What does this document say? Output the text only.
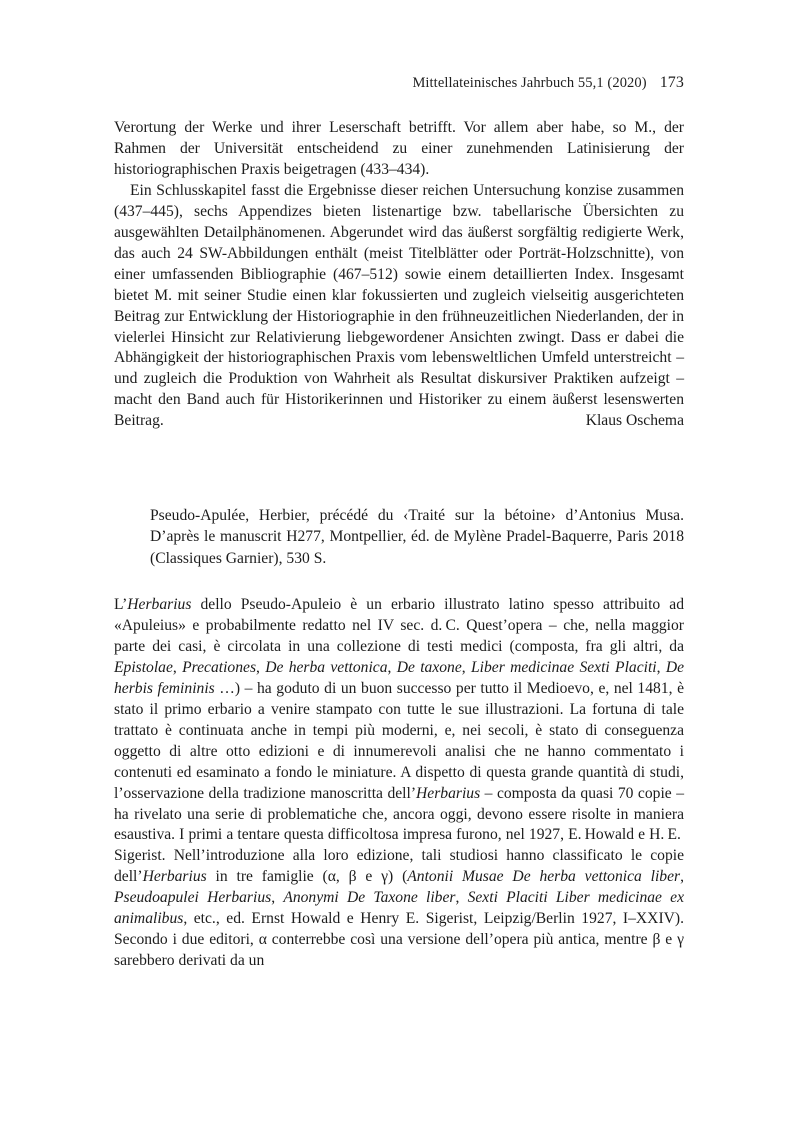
Mittellateinisches Jahrbuch 55,1 (2020) 173

Verortung der Werke und ihrer Leserschaft betrifft. Vor allem aber habe, so M., der Rahmen der Universität entscheidend zu einer zunehmenden Latinisierung der historiographischen Praxis beigetragen (433–434).

Ein Schlusskapitel fasst die Ergebnisse dieser reichen Untersuchung konzise zusammen (437–445), sechs Appendizes bieten listenartige bzw. tabellarische Übersichten zu ausgewählten Detailphänomenen. Abgerundet wird das äußerst sorgfältig redigierte Werk, das auch 24 SW-Abbildungen enthält (meist Titelblätter oder Porträt-Holzschnitte), von einer umfassenden Bibliographie (467–512) sowie einem detaillierten Index. Insgesamt bietet M. mit seiner Studie einen klar fokussierten und zugleich vielseitig ausgerichteten Beitrag zur Entwicklung der Historiographie in den frühneuzeitlichen Niederlanden, der in vielerlei Hinsicht zur Relativierung liebgewordener Ansichten zwingt. Dass er dabei die Abhängigkeit der historiographischen Praxis vom lebensweltlichen Umfeld unterstreicht – und zugleich die Produktion von Wahrheit als Resultat diskursiver Praktiken aufzeigt – macht den Band auch für Historikerinnen und Historiker zu einem äußerst lesenswerten Beitrag.	Klaus Oschema

Pseudo-Apulée, Herbier, précédé du ‹Traité sur la bétoine› d’Antonius Musa. D’après le manuscrit H277, Montpellier, éd. de Mylène Pradel-Baquerre, Paris 2018 (Classiques Garnier), 530 S.

L’Herbarius dello Pseudo-Apuleio è un erbario illustrato latino spesso attribuito ad «Apuleius» e probabilmente redatto nel IV sec. d. C. Quest’opera – che, nella maggior parte dei casi, è circolata in una collezione di testi medici (composta, fra gli altri, da Epistolae, Precationes, De herba vettonica, De taxone, Liber medicinae Sexti Placiti, De herbis femininis …) – ha goduto di un buon successo per tutto il Medioevo, e, nel 1481, è stato il primo erbario a venire stampato con tutte le sue illustrazioni. La fortuna di tale trattato è continuata anche in tempi più moderni, e, nei secoli, è stato di conseguenza oggetto di altre otto edizioni e di innumerevoli analisi che ne hanno commentato i contenuti ed esaminato a fondo le miniature. A dispetto di questa grande quantità di studi, l’osservazione della tradizione manoscritta dell’Herbarius – composta da quasi 70 copie – ha rivelato una serie di problematiche che, ancora oggi, devono essere risolte in maniera esaustiva. I primi a tentare questa difficoltosa impresa furono, nel 1927, E. Howald e H. E. Sigerist. Nell’introduzione alla loro edizione, tali studiosi hanno classificato le copie dell’Herbarius in tre famiglie (α, β e γ) (Antonii Musae De herba vettonica liber, Pseudoapulei Herbarius, Anonymi De Taxone liber, Sexti Placiti Liber medicinae ex animalibus, etc., ed. Ernst Howald e Henry E. Sigerist, Leipzig/Berlin 1927, I–XXIV). Secondo i due editori, α conterrebbe così una versione dell’opera più antica, mentre β e γ sarebbero derivati da un
